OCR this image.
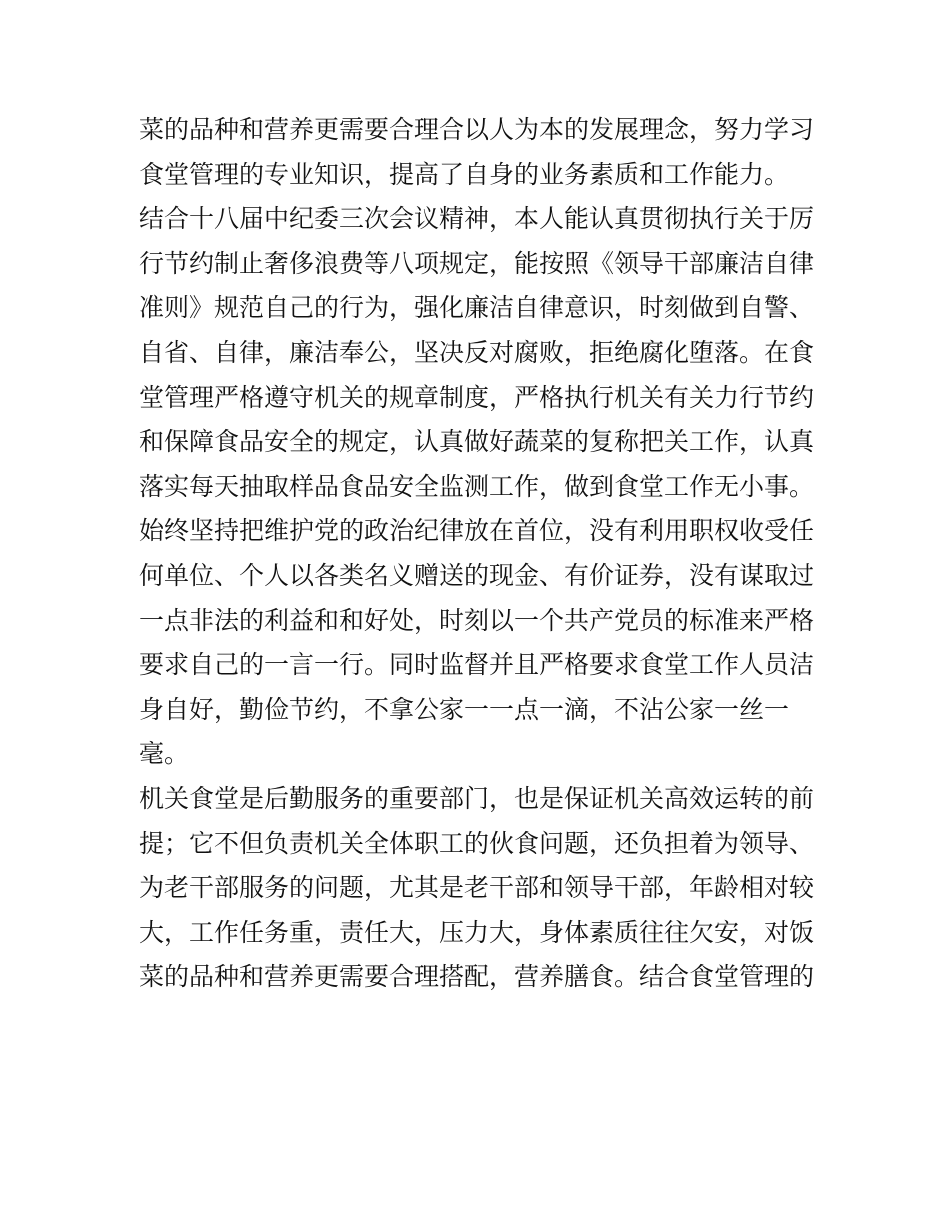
菜的品种和营养更需要合理合以人为本的发展理念，努力学习
食堂管理的专业知识，提高了自身的业务素质和工作能力。
结合十八届中纪委三次会议精神，本人能认真贯彻执行关于厉
行节约制止奢侈浪费等八项规定，能按照《领导干部廉洁自律
准则》规范自己的行为，强化廉洁自律意识，时刻做到自警、
自省、自律，廉洁奉公，坚决反对腐败，拒绝腐化堕落。在食
堂管理严格遵守机关的规章制度，严格执行机关有关力行节约
和保障食品安全的规定，认真做好蔬菜的复称把关工作，认真
落实每天抽取样品食品安全监测工作，做到食堂工作无小事。
始终坚持把维护党的政治纪律放在首位，没有利用职权收受任
何单位、个人以各类名义赠送的现金、有价证券，没有谋取过
一点非法的利益和和好处，时刻以一个共产党员的标准来严格
要求自己的一言一行。同时监督并且严格要求食堂工作人员洁
身自好，勤俭节约，不拿公家一一点一滴，不沾公家一丝一
毫。
机关食堂是后勤服务的重要部门，也是保证机关高效运转的前
提；它不但负责机关全体职工的伙食问题，还负担着为领导、
为老干部服务的问题，尤其是老干部和领导干部，年龄相对较
大，工作任务重，责任大，压力大，身体素质往往欠安，对饭
菜的品种和营养更需要合理搭配，营养膳食。结合食堂管理的
